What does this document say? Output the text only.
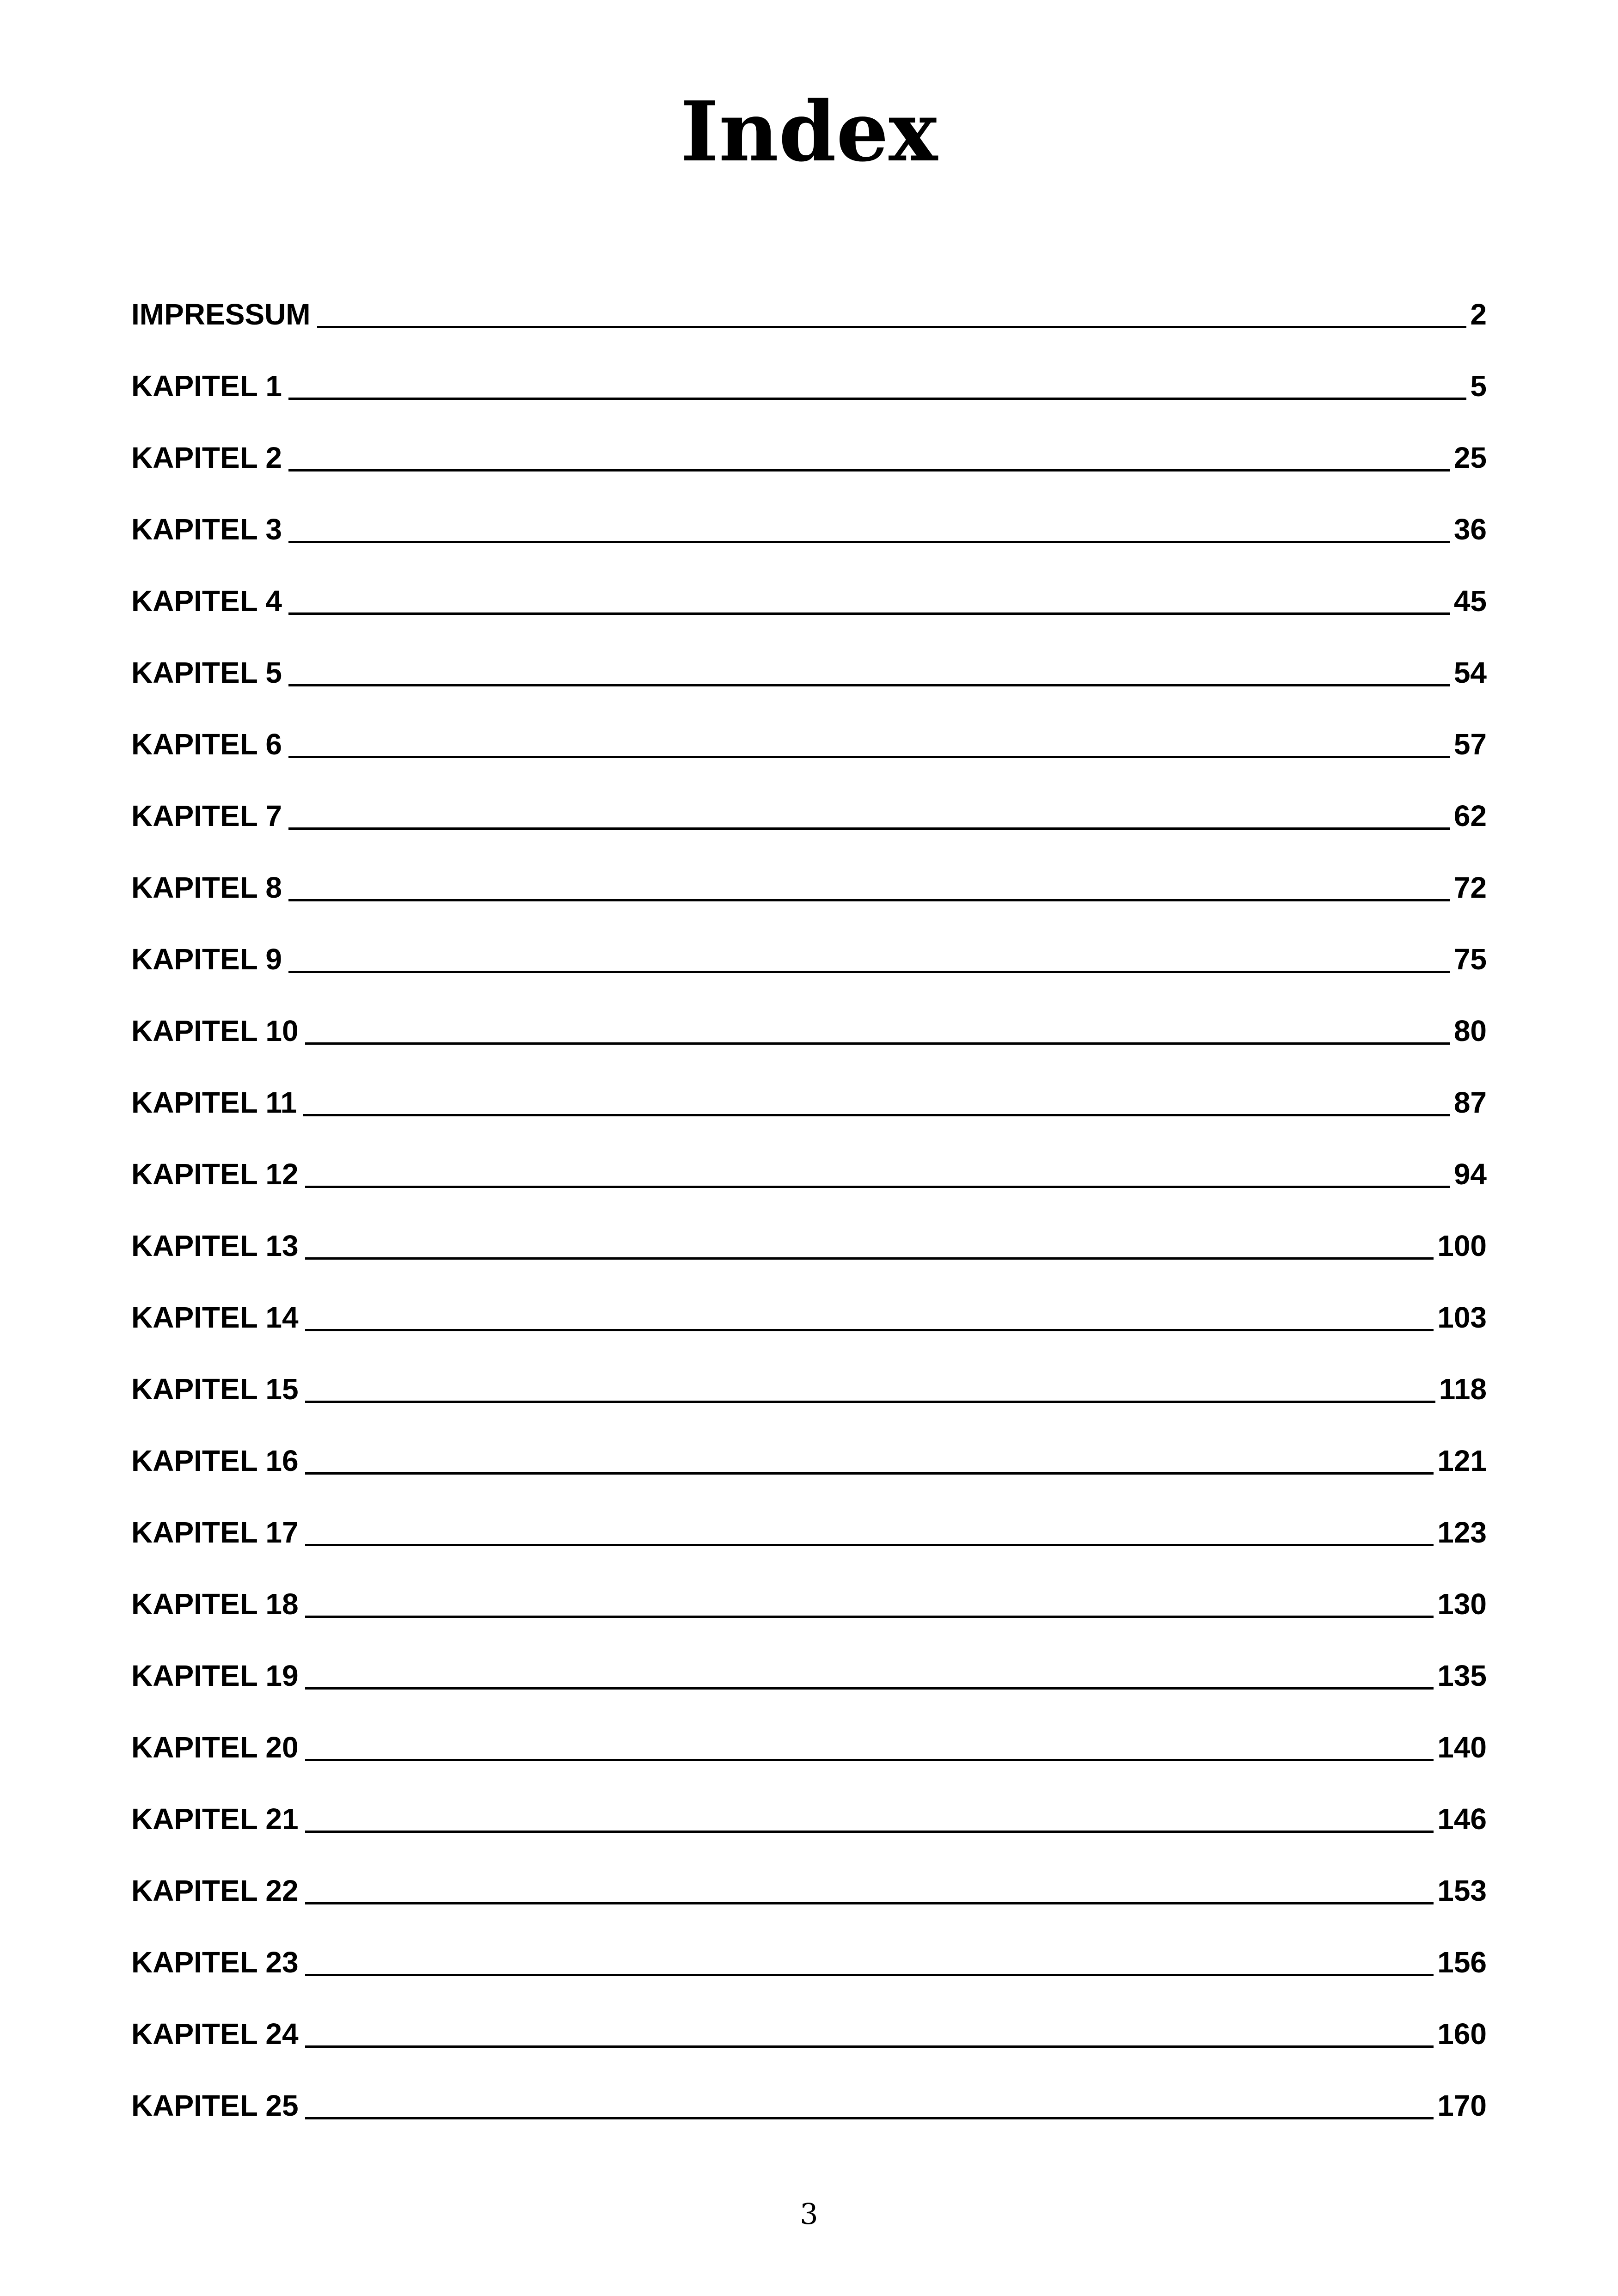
Index
IMPRESSUM	2
KAPITEL 1	5
KAPITEL 2	25
KAPITEL 3	36
KAPITEL 4	45
KAPITEL 5	54
KAPITEL 6	57
KAPITEL 7	62
KAPITEL 8	72
KAPITEL 9	75
KAPITEL 10	80
KAPITEL 11	87
KAPITEL 12	94
KAPITEL 13	100
KAPITEL 14	103
KAPITEL 15	118
KAPITEL 16	121
KAPITEL 17	123
KAPITEL 18	130
KAPITEL 19	135
KAPITEL 20	140
KAPITEL 21	146
KAPITEL 22	153
KAPITEL 23	156
KAPITEL 24	160
KAPITEL 25	170
3
